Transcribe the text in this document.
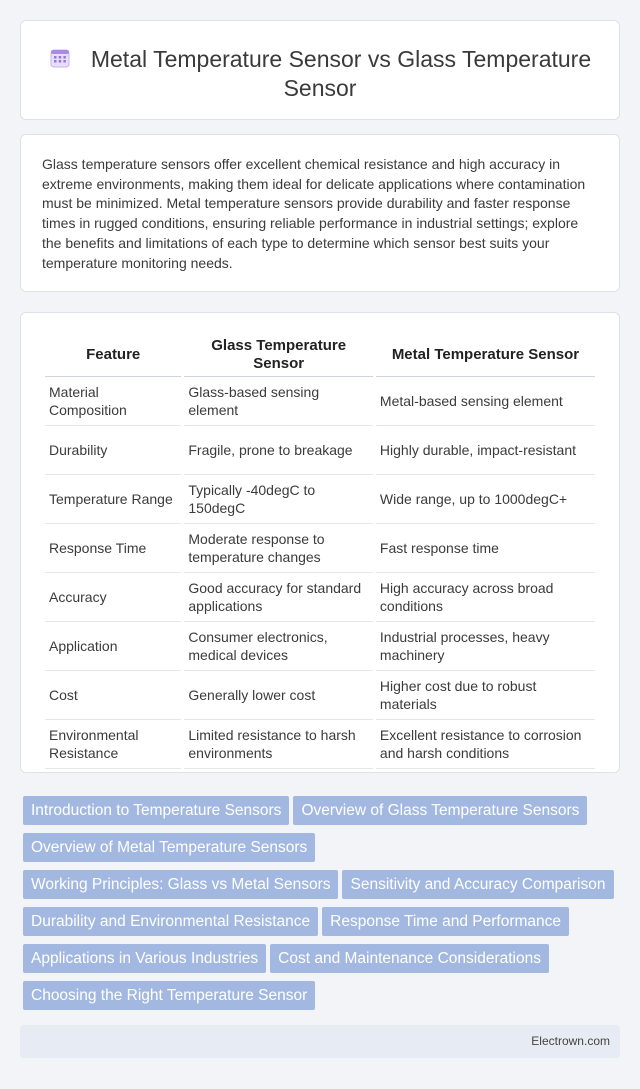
Metal Temperature Sensor vs Glass Temperature Sensor

Glass temperature sensors offer excellent chemical resistance and high accuracy in extreme environments, making them ideal for delicate applications where contamination must be minimized. Metal temperature sensors provide durability and faster response times in rugged conditions, ensuring reliable performance in industrial settings; explore the benefits and limitations of each type to determine which sensor best suits your temperature monitoring needs.

Feature	Glass Temperature Sensor	Metal Temperature Sensor
Material Composition	Glass-based sensing element	Metal-based sensing element
Durability	Fragile, prone to breakage	Highly durable, impact-resistant
Temperature Range	Typically -40degC to 150degC	Wide range, up to 1000degC+
Response Time	Moderate response to temperature changes	Fast response time
Accuracy	Good accuracy for standard applications	High accuracy across broad conditions
Application	Consumer electronics, medical devices	Industrial processes, heavy machinery
Cost	Generally lower cost	Higher cost due to robust materials
Environmental Resistance	Limited resistance to harsh environments	Excellent resistance to corrosion and harsh conditions
Introduction to Temperature Sensors Overview of Glass Temperature SensorsOverview of Metal Temperature SensorsWorking Principles: Glass vs Metal Sensors Sensitivity and Accuracy ComparisonDurability and Environmental Resistance Response Time and PerformanceApplications in Various Industries Cost and Maintenance ConsiderationsChoosing the Right Temperature Sensor
Electrown.com
